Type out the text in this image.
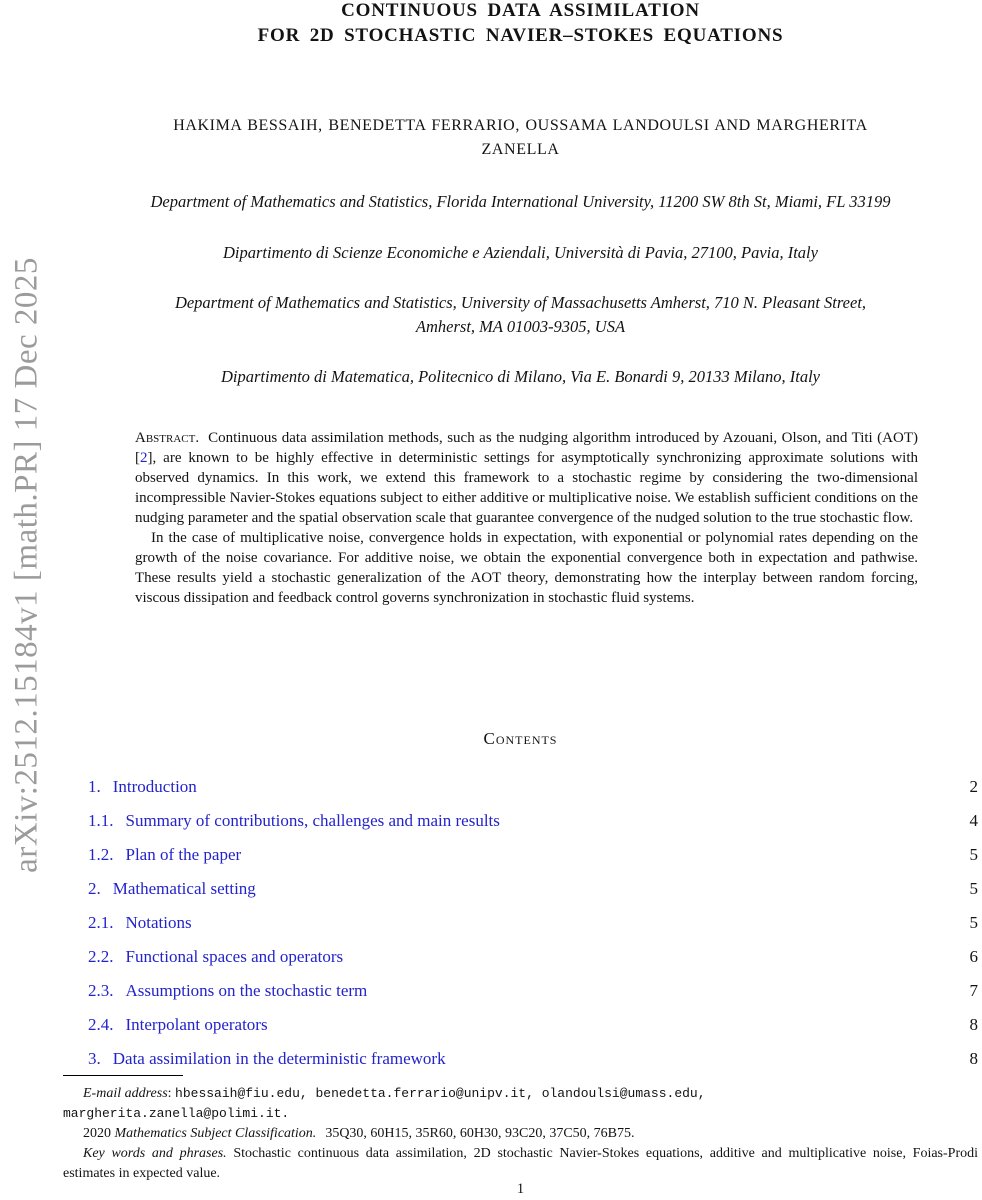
arXiv:2512.15184v1 [math.PR] 17 Dec 2025
CONTINUOUS DATA ASSIMILATION
FOR 2D STOCHASTIC NAVIER–STOKES EQUATIONS
HAKIMA BESSAIH, BENEDETTA FERRARIO, OUSSAMA LANDOULSI AND MARGHERITA
ZANELLA
Department of Mathematics and Statistics, Florida International University, 11200 SW 8th St, Miami, FL 33199
Dipartimento di Scienze Economiche e Aziendali, Università di Pavia, 27100, Pavia, Italy
Department of Mathematics and Statistics, University of Massachusetts Amherst, 710 N. Pleasant Street,
Amherst, MA 01003-9305, USA
Dipartimento di Matematica, Politecnico di Milano, Via E. Bonardi 9, 20133 Milano, Italy

Abstract. Continuous data assimilation methods, such as the nudging algorithm introduced by Azouani, Olson, and Titi (AOT) [2], are known to be highly effective in deterministic settings for asymptotically synchronizing approximate solutions with observed dynamics. In this work, we extend this framework to a stochastic regime by considering the two-dimensional incompressible Navier-Stokes equations subject to either additive or multiplicative noise. We establish sufficient conditions on the nudging parameter and the spatial observation scale that guarantee convergence of the nudged solution to the true stochastic flow.

In the case of multiplicative noise, convergence holds in expectation, with exponential or polynomial rates depending on the growth of the noise covariance. For additive noise, we obtain the exponential convergence both in expectation and pathwise. These results yield a stochastic generalization of the AOT theory, demonstrating how the interplay between random forcing, viscous dissipation and feedback control governs synchronization in stochastic fluid systems.

Contents
1. Introduction	2
1.1. Summary of contributions, challenges and main results	4
1.2. Plan of the paper	5
2. Mathematical setting	5
2.1. Notations	5
2.2. Functional spaces and operators	6
2.3. Assumptions on the stochastic term	7
2.4. Interpolant operators	8
3. Data assimilation in the deterministic framework	8

E-mail address: hbessaih@fiu.edu, benedetta.ferrario@unipv.it, olandoulsi@umass.edu,
margherita.zanella@polimi.it.

2020 Mathematics Subject Classification. 35Q30, 60H15, 35R60, 60H30, 93C20, 37C50, 76B75.

Key words and phrases. Stochastic continuous data assimilation, 2D stochastic Navier-Stokes equations, additive and multiplicative noise, Foias-Prodi estimates in expected value.

1
